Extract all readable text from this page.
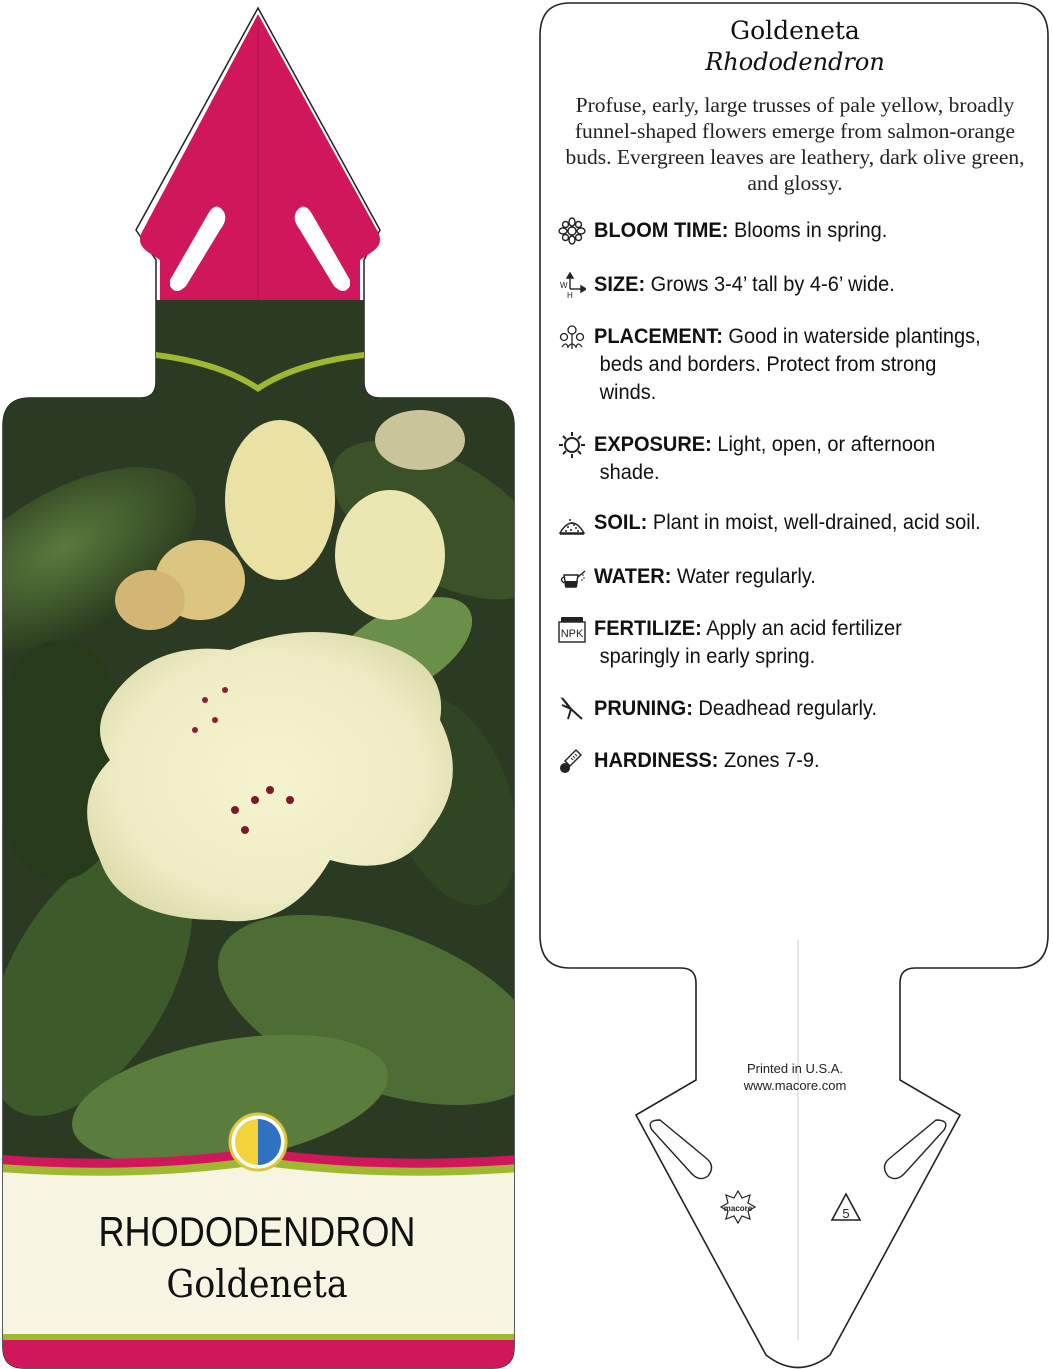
RHODODENDRON
Goldeneta
macore	5
Goldeneta
Rhododendron
Profuse, early, large trusses of pale yellow, broadly funnel-shaped flowers emerge from salmon-orange buds. Evergreen leaves are leathery, dark olive green, and glossy.
BLOOM TIME: Blooms in spring.
W
H SIZE: Grows 3-4’ tall by 4-6’ wide.
PLACEMENT: Good in waterside plantings,
beds and borders. Protect from strong winds.
EXPOSURE: Light, open, or afternoon
shade.
SOIL: Plant in moist, well-drained, acid soil.
WATER: Water regularly.
NPK FERTILIZE: Apply an acid fertilizer
sparingly in early spring.
PRUNING: Deadhead regularly.
HARDINESS: Zones 7-9.
Printed in U.S.A.
www.macore.com
